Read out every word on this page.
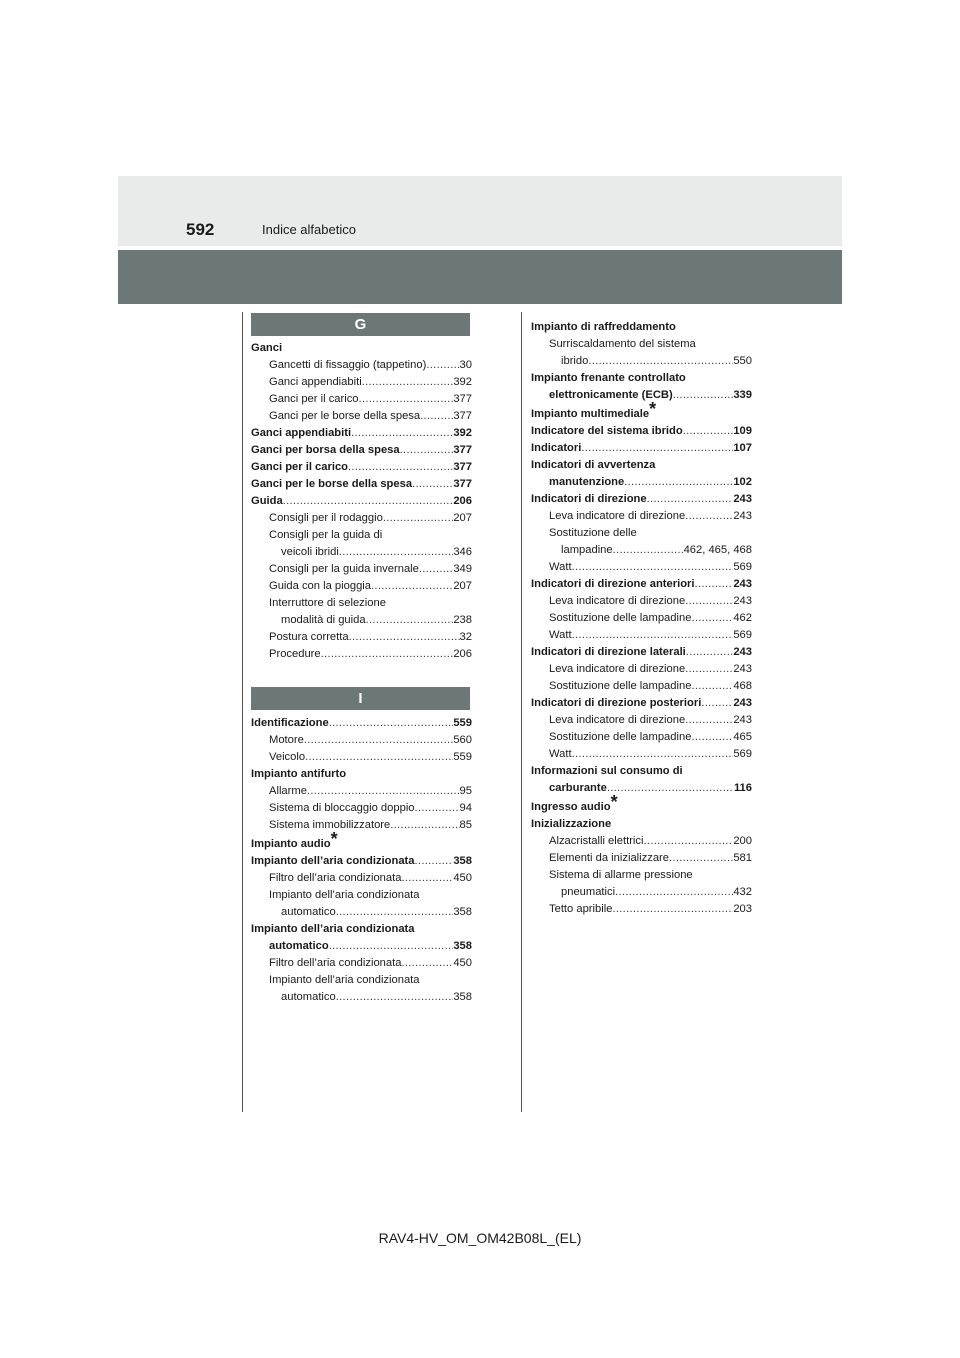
592	Indice alfabetico
G
Ganci
Gancetti di fissaggio (tappetino) .....	30
Ganci appendiabiti .....	392
Ganci per il carico .....	377
Ganci per le borse della spesa .....	377
Ganci appendiabiti .....	392
Ganci per borsa della spesa .....	377
Ganci per il carico .....	377
Ganci per le borse della spesa .....	377
Guida .....	206
Consigli per il rodaggio .....	207
Consigli per la guida di
veicoli ibridi .....	346
Consigli per la guida invernale .....	349
Guida con la pioggia .....	207
Interruttore di selezione
modalità di guida .....	238
Postura corretta .....	32
Procedure .....	206
I
Identificazione .....	559
Motore .....	560
Veicolo .....	559
Impianto antifurto
Allarme .....	95
Sistema di bloccaggio doppio .....	94
Sistema immobilizzatore .....	85
Impianto audio*
Impianto dell’aria condizionata .....	358
Filtro dell’aria condizionata .....	450
Impianto dell’aria condizionata
automatico .....	358
Impianto dell’aria condizionata
automatico .....	358
Filtro dell’aria condizionata .....	450
Impianto dell’aria condizionata
automatico .....	358
Impianto di raffreddamento
Surriscaldamento del sistema
ibrido .....	550
Impianto frenante controllato
elettronicamente (ECB) .....	339
Impianto multimediale*
Indicatore del sistema ibrido .....	109
Indicatori .....	107
Indicatori di avvertenza
manutenzione .....	102
Indicatori di direzione .....	243
Leva indicatore di direzione .....	243
Sostituzione delle
lampadine .....	462, 465, 468
Watt .....	569
Indicatori di direzione anteriori .....	243
Leva indicatore di direzione .....	243
Sostituzione delle lampadine .....	462
Watt .....	569
Indicatori di direzione laterali .....	243
Leva indicatore di direzione .....	243
Sostituzione delle lampadine .....	468
Indicatori di direzione posteriori .....	243
Leva indicatore di direzione .....	243
Sostituzione delle lampadine .....	465
Watt .....	569
Informazioni sul consumo di
carburante .....	116
Ingresso audio*
Inizializzazione
Alzacristalli elettrici .....	200
Elementi da inizializzare .....	581
Sistema di allarme pressione
pneumatici .....	432
Tetto apribile .....	203
RAV4-HV_OM_OM42B08L_(EL)
